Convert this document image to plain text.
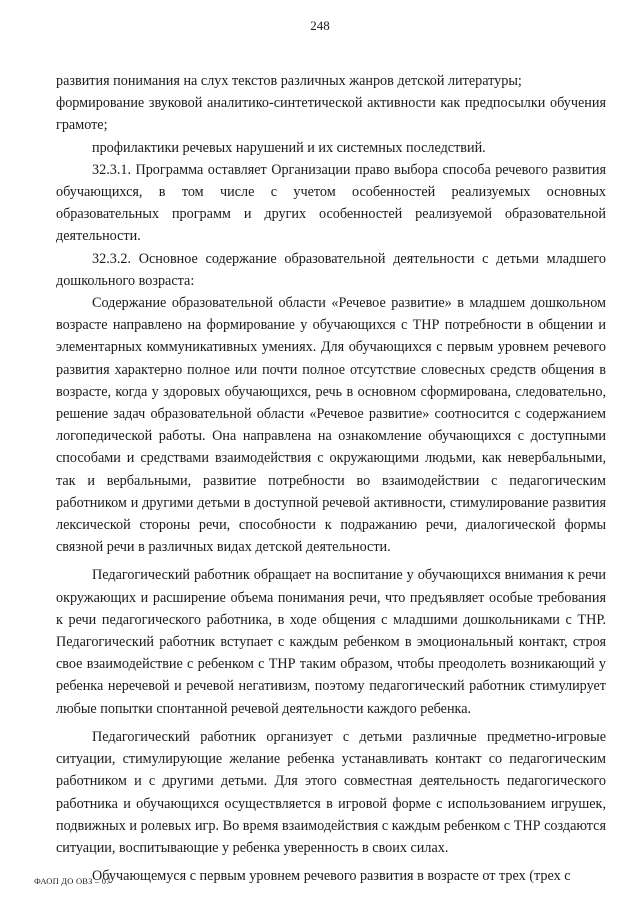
248

развития понимания на слух текстов различных жанров детской литературы;

формирование звуковой аналитико-синтетической активности как предпосылки обучения грамоте;

профилактики речевых нарушений и их системных последствий.

32.3.1. Программа оставляет Организации право выбора способа речевого развития обучающихся, в том числе с учетом особенностей реализуемых основных образовательных программ и других особенностей реализуемой образовательной деятельности.

32.3.2. Основное содержание образовательной деятельности с детьми младшего дошкольного возраста:

Содержание образовательной области «Речевое развитие» в младшем дошкольном возрасте направлено на формирование у обучающихся с ТНР потребности в общении и элементарных коммуникативных умениях. Для обучающихся с первым уровнем речевого развития характерно полное или почти полное отсутствие словесных средств общения в возрасте, когда у здоровых обучающихся, речь в основном сформирована, следовательно, решение задач образовательной области «Речевое развитие» соотносится с содержанием логопедической работы. Она направлена на ознакомление обучающихся с доступными способами и средствами взаимодействия с окружающими людьми, как невербальными, так и вербальными, развитие потребности во взаимодействии с педагогическим работником и другими детьми в доступной речевой активности, стимулирование развития лексической стороны речи, способности к подражанию речи, диалогической формы связной речи в различных видах детской деятельности.

Педагогический работник обращает на воспитание у обучающихся внимания к речи окружающих и расширение объема понимания речи, что предъявляет особые требования к речи педагогического работника, в ходе общения с младшими дошкольниками с ТНР. Педагогический работник вступает с каждым ребенком в эмоциональный контакт, строя свое взаимодействие с ребенком с ТНР таким образом, чтобы преодолеть возникающий у ребенка неречевой и речевой негативизм, поэтому педагогический работник стимулирует любые попытки спонтанной речевой деятельности каждого ребенка.

Педагогический работник организует с детьми различные предметно-игровые ситуации, стимулирующие желание ребенка устанавливать контакт со педагогическим работником и с другими детьми. Для этого совместная деятельность педагогического работника и обучающихся осуществляется в игровой форме с использованием игрушек, подвижных и ролевых игр. Во время взаимодействия с каждым ребенком с ТНР создаются ситуации, воспитывающие у ребенка уверенность в своих силах.

Обучающемуся с первым уровнем речевого развития в возрасте от трех (трех с

ФАОП ДО ОВЗ – 07
